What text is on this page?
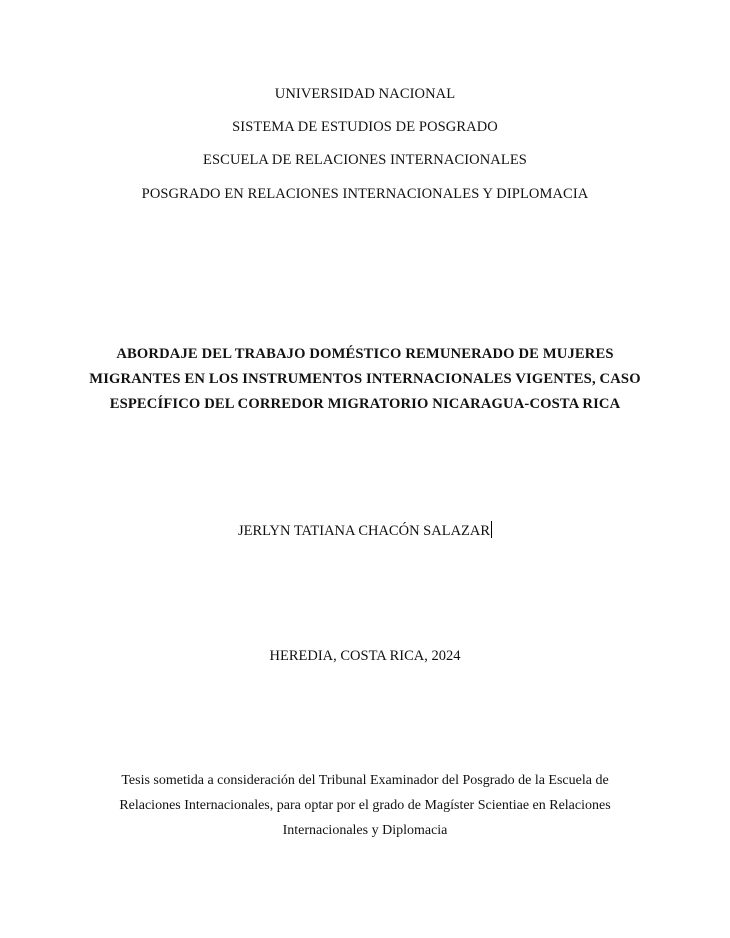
UNIVERSIDAD NACIONAL
SISTEMA DE ESTUDIOS DE POSGRADO
ESCUELA DE RELACIONES INTERNACIONALES
POSGRADO EN RELACIONES INTERNACIONALES Y DIPLOMACIA
ABORDAJE DEL TRABAJO DOMÉSTICO REMUNERADO DE MUJERES
MIGRANTES EN LOS INSTRUMENTOS INTERNACIONALES VIGENTES, CASO
ESPECÍFICO DEL CORREDOR MIGRATORIO NICARAGUA-COSTA RICA
JERLYN TATIANA CHACÓN SALAZAR
HEREDIA, COSTA RICA, 2024
Tesis sometida a consideración del Tribunal Examinador del Posgrado de la Escuela de
Relaciones Internacionales, para optar por el grado de Magíster Scientiae en Relaciones
Internacionales y Diplomacia
